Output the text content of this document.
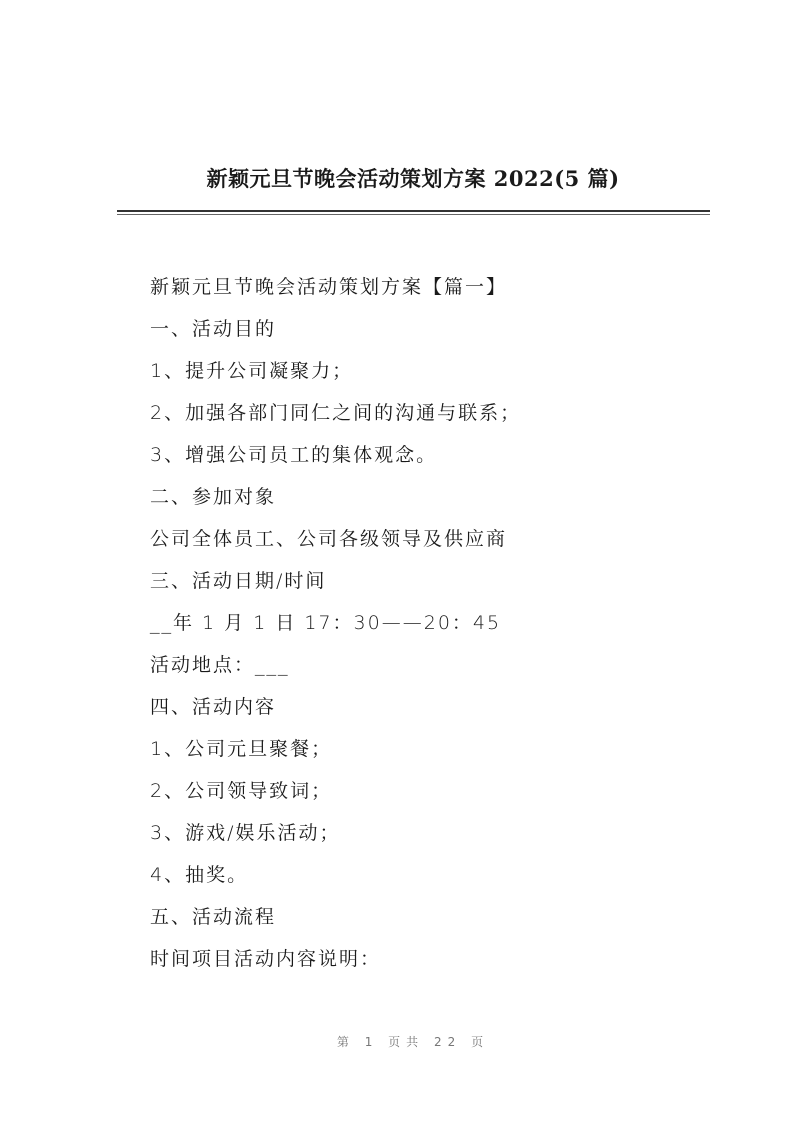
新颖元旦节晚会活动策划方案 2022(5 篇)
新颖元旦节晚会活动策划方案【篇一】
一、活动目的
1、提升公司凝聚力；
2、加强各部门同仁之间的沟通与联系；
3、增强公司员工的集体观念。
二、参加对象
公司全体员工、公司各级领导及供应商
三、活动日期/时间
__年 1 月 1 日 17：30——20：45
活动地点：___
四、活动内容
1、公司元旦聚餐；
2、公司领导致词；
3、游戏/娱乐活动；
4、抽奖。
五、活动流程
时间项目活动内容说明：
第 1 页共 22 页
